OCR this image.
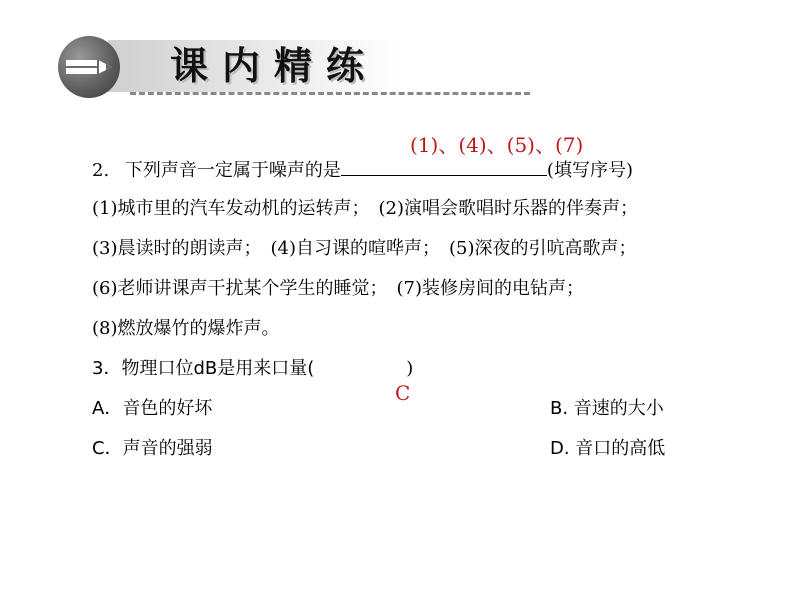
课内精练
(1)、(4)、(5)、(7)
2. 下列声音一定属于噪声的是	(填写序号)
(1)城市里的汽车发动机的运转声；　(2)演唱会歌唱时乐器的伴奏声；
(3)晨读时的朗读声；　(4)自习课的喧哗声；　(5)深夜的引吭高歌声；
(6)老师讲课声干扰某个学生的睡觉；　(7)装修房间的电钻声；
(8)燃放爆竹的爆炸声。
3．物理口位dB是用来口量(	)
C
A．音色的好坏	B. 音速的大小
C．声音的强弱	D. 音口的高低
